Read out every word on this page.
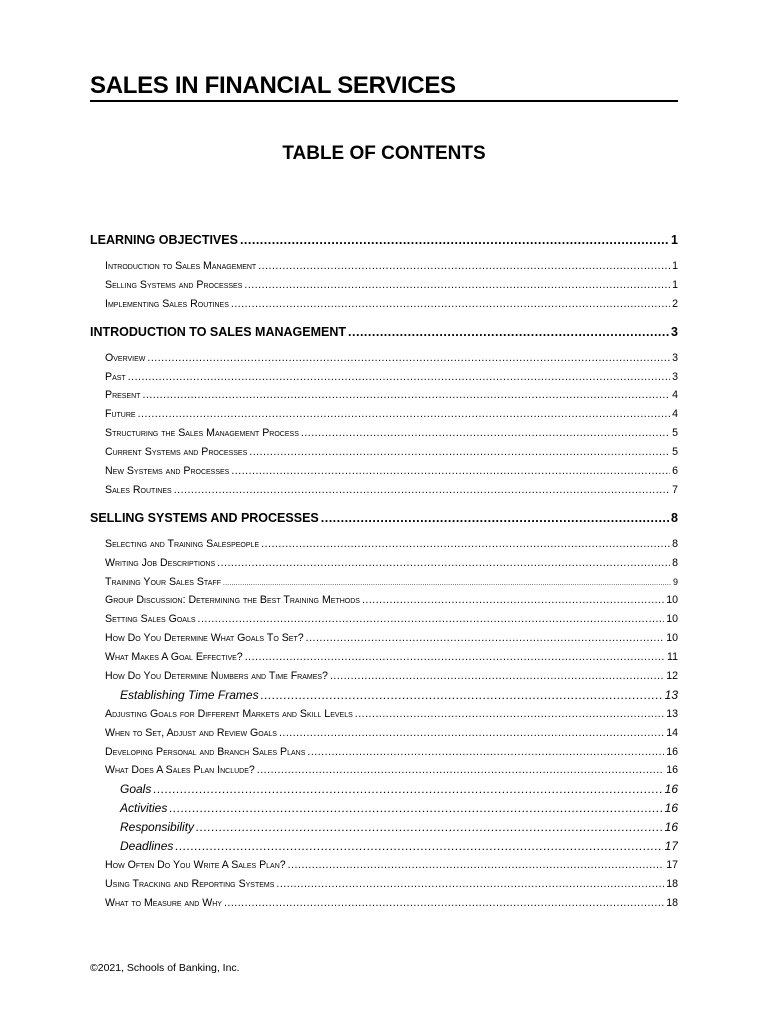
SALES IN FINANCIAL SERVICES
TABLE OF CONTENTS
LEARNING OBJECTIVES .....	1
Introduction to Sales Management .....	1
Selling Systems and Processes .....	1
Implementing Sales Routines .....	2
INTRODUCTION TO SALES MANAGEMENT .....	3
Overview .....	3
Past .....	3
Present .....	4
Future .....	4
Structuring the Sales Management Process .....	5
Current Systems and Processes .....	5
New Systems and Processes .....	6
Sales Routines .....	7
SELLING SYSTEMS AND PROCESSES .....	8
Selecting and Training Salespeople .....	8
Writing Job Descriptions .....	8
Training Your Sales Staff .....	9
Group Discussion: Determining the Best Training Methods .....	10
Setting Sales Goals .....	10
How Do You Determine What Goals To Set? .....	10
What Makes A Goal Effective? .....	11
How Do You Determine Numbers and Time Frames? .....	12
Establishing Time Frames .....	13
Adjusting Goals for Different Markets and Skill Levels .....	13
When to Set, Adjust and Review Goals .....	14
Developing Personal and Branch Sales Plans .....	16
What Does A Sales Plan Include? .....	16
Goals .....	16
Activities .....	16
Responsibility .....	16
Deadlines .....	17
How Often Do You Write A Sales Plan? .....	17
Using Tracking and Reporting Systems .....	18
What to Measure and Why .....	18
©2021, Schools of Banking, Inc.
